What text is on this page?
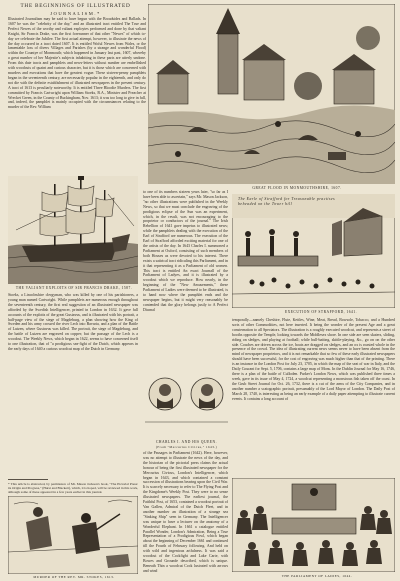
THE BEGINNINGS OF ILLUSTRATED
JOURNALISM.*
Illustrated Journalism may be said to have begun with the Broadsides and Ballads. In 1607 be was the "celebrity of the day," and an illustrated tract entitled The True and Perfect Newes of the worthy and valiant exploytes performed and done by that valiant Knight, Sir Francis Drake, was the first forerunner of that other "Newes" of which to-day we celebrate the Jubilee. The first actual attempt, however, to illustrate the news of the day occurred in a tract dated 1607. It is entitled Woful Newes from Wales, or the lamentable loss of divers Villages and Parishes (by a strange and wonderful Flood) within the Countye of Monmouth; which happened in January last past, 1607, whereby a great number of her Majestie's subjects inhabiting in these parts are utterly undone. From this date tracts and pamphlets and news-letters without number are embellished with woodcuts of quaint and curious character, but it is those which are concerned with murders and executions that have the greatest vogue. These sixteen-penny pamphlets began in the seventeenth century, are necessarily popular in the eighteenth, and only do not die with the definite establishment of illustrated newspapers in the present century. A tract of 1613 is peculiarly noteworthy. It is entitled Three Bloodie Murders. The first committed by Francis Cartwright upon William Stoeks, B.A., Minister and Preacher at Wrecket Green, in the County of Buckingham, Nov. 1613; it was too long to give in full, and, indeed, the pamphlet is mainly occupied with the circumstances relating to the murder of the Rev. William
THE VALIANT EXPLOITS OF SIR FRANCIS DRAKE, 1587.
Stoeks, a Lincolnshire clergyman, who was killed by one of his parishioners, a young man named Cartwright. While pamphlets are numerous enough throughout the seventeenth century, the first real suggestion of an illustrated newspaper was afforded by the Swedish Intelligencer, printed in London in 1632. It gave full accounts of the exploits of the great Gustavus, and is illustrated with his portrait, a half-page view of the siege of Magdeburg, a plan showing how the King of Sweden and his army crossed the river Lech into Bavaria, and a plan of the Battle of Lutzen, where Gustavus was killed. The portrait, the siege of Magdeburg, and the battle of Lutzen are engraved on copper; but the passage of the Lech is a woodcut. The Weekly News, which began in 1622, seems to have concerned itself to one illustration, that of "a prodigious sea-fight of the Dutch, which appears in the early days of 1640 a curious woodcut map of the Dutch in Germany.
* This article is abstracted, by permission of Mr. Mason Jackson's book, "The Pictorial Press: its Origin and Progress," (Hurst and Blackett), which, it is hoped, will be reviewed in this work, although some of these appeared in a few years earlier in this journal.
MURDER OF THE REV. MR. STOKES, 1613.
to one of its numbers sixteen years later, "so far as I have been able to ascertain," says Mr. Mason Jackson, "no other illustrations were published in the Weekly News, so that we must conclude the engraving of the prodigious eclipse of the Sun was an experiment, which, in the result, was not encouraging to the proprietor or conductors of the journal." The Irish Rebellion of 1641 gave impetus to illustrated news; while the pamphlets dealing with the execution of the Earl of Strafford are numerous. The execution of the Earl of Strafford afforded exciting material for one of the artists of the day. In 1643 Charles I. summoned a Parliament at Oxford, consisting of such members of both Houses as were devoted to his interest. There exists a satirical tract ridiculing this Parliament, and in it that representing it as a Parliament of old women. This tract is entitled An exact Journall of the Parliament of Ladyes, and it is illustrated by a woodcut which we reproduce. How nearly, in the beginning of the "New Amusements," these Parliament of Ladies were deemed to be illustrated, is to hand now where the pamphlet ends and the newspaper begins, but it might very reasonably be contended that the glory belongs justly to A Perfect Diurnal
GREAT FLOOD IN MONMOUTHSHIRE, 1607.
The Earle of Strafford for Treasonable practises
beheaded on the Tower hill
EXECUTION OF STRAFFORD, 1641.
CHARLES I. AND HIS QUEEN.
(From "Mercurius Civicus," 1643.)
of the Passages in Parliament (1642). Here, however, was no attempt to illustrate the news of the day, and the historian of the pictorial press claims the actual honour of being the first illustrated newspaper for the Mercurius Civicus, London's Intelligencer, which began in 1643, and which contained a constant succession of illustrations bearing upon the Civil War. It is scarcely necessary to refer to The Flying Post and the Kingdome's Weekly Post. They were to no sense illustrated newspapers. The earliest journal, the Faithful Post, of 1653, contained a woodcut portrait of Van Gallen, Admiral of the Dutch Fleet, and in another number an illustration of a strange sea "Sinking Ship" seen in Germany. The Intelligencer was unique to have a lecturer on the anatomy of a Wonderful Elephant. In 1661 a catalogue entitled Parallel Wonder, London's Admiration, Being a True Representation of a Prodigious Fowl, which began about the beginning of December 1661 and continued till the Fourth of February following. And held on with wild and ingenious artfulness. It was said a woodcut of the Cockfight and Lake Carte, with Bowes and Grounde described, which is unique. Beneath Thin a woodcut Cock lustrated with arrows and wind
temporally—namely Cheshire, Flute, Kettles, Wine, Meat, Bread, Bowsole, Tobacco, and a Hundred sorts of other Commodities, not here inserted. It being the wonder of the present Age and a great consternation to all Spectators. The illustration is a roughly executed woodcut, and represents a street of booths opposite the Temple, looking towards the Middlesex shore. In one side are seen skaters, sliding, riding on sledges, and playing at football; while bull-baiting, skittle-playing, &c., go on on the other side. Coaches are driven across the ice, boats are dragged on sledges, and an ox is roasted whole in the presence of the crowd. The idea of illustrating current news seems never to have been absent from the mind of newspaper proprietors, and it is not remarkable that so few of these early illustrated newspapers should have been successful, for the cost of engraving was much higher than that of the printing. There is an instance in the London Post for July 23, 1705, in which the map of the seat of war in Italy, and the Daily Courant for Sept. 5, 1706, contains a large map of Mons. In the Dublin Journal for May 16, 1746, there is a plan of the battle of Culloden. Parker's London News, which was published three times a week, gave in its issue of May 4, 1724, a woodcut representing a monstrous fish taken off the coast. In the Grub Street Journal for Oct. 26, 1732, there is a cut of the arms of the City Companies, and in another number a scatographic portrait, presumably of the Lord Mayor of London. The Daily Post of March 28, 1740, is interesting as being an early example of a daily paper attempting to illustrate current events. It contains a long account of
THE PARLIAMENT OF LADIES, 1644.
